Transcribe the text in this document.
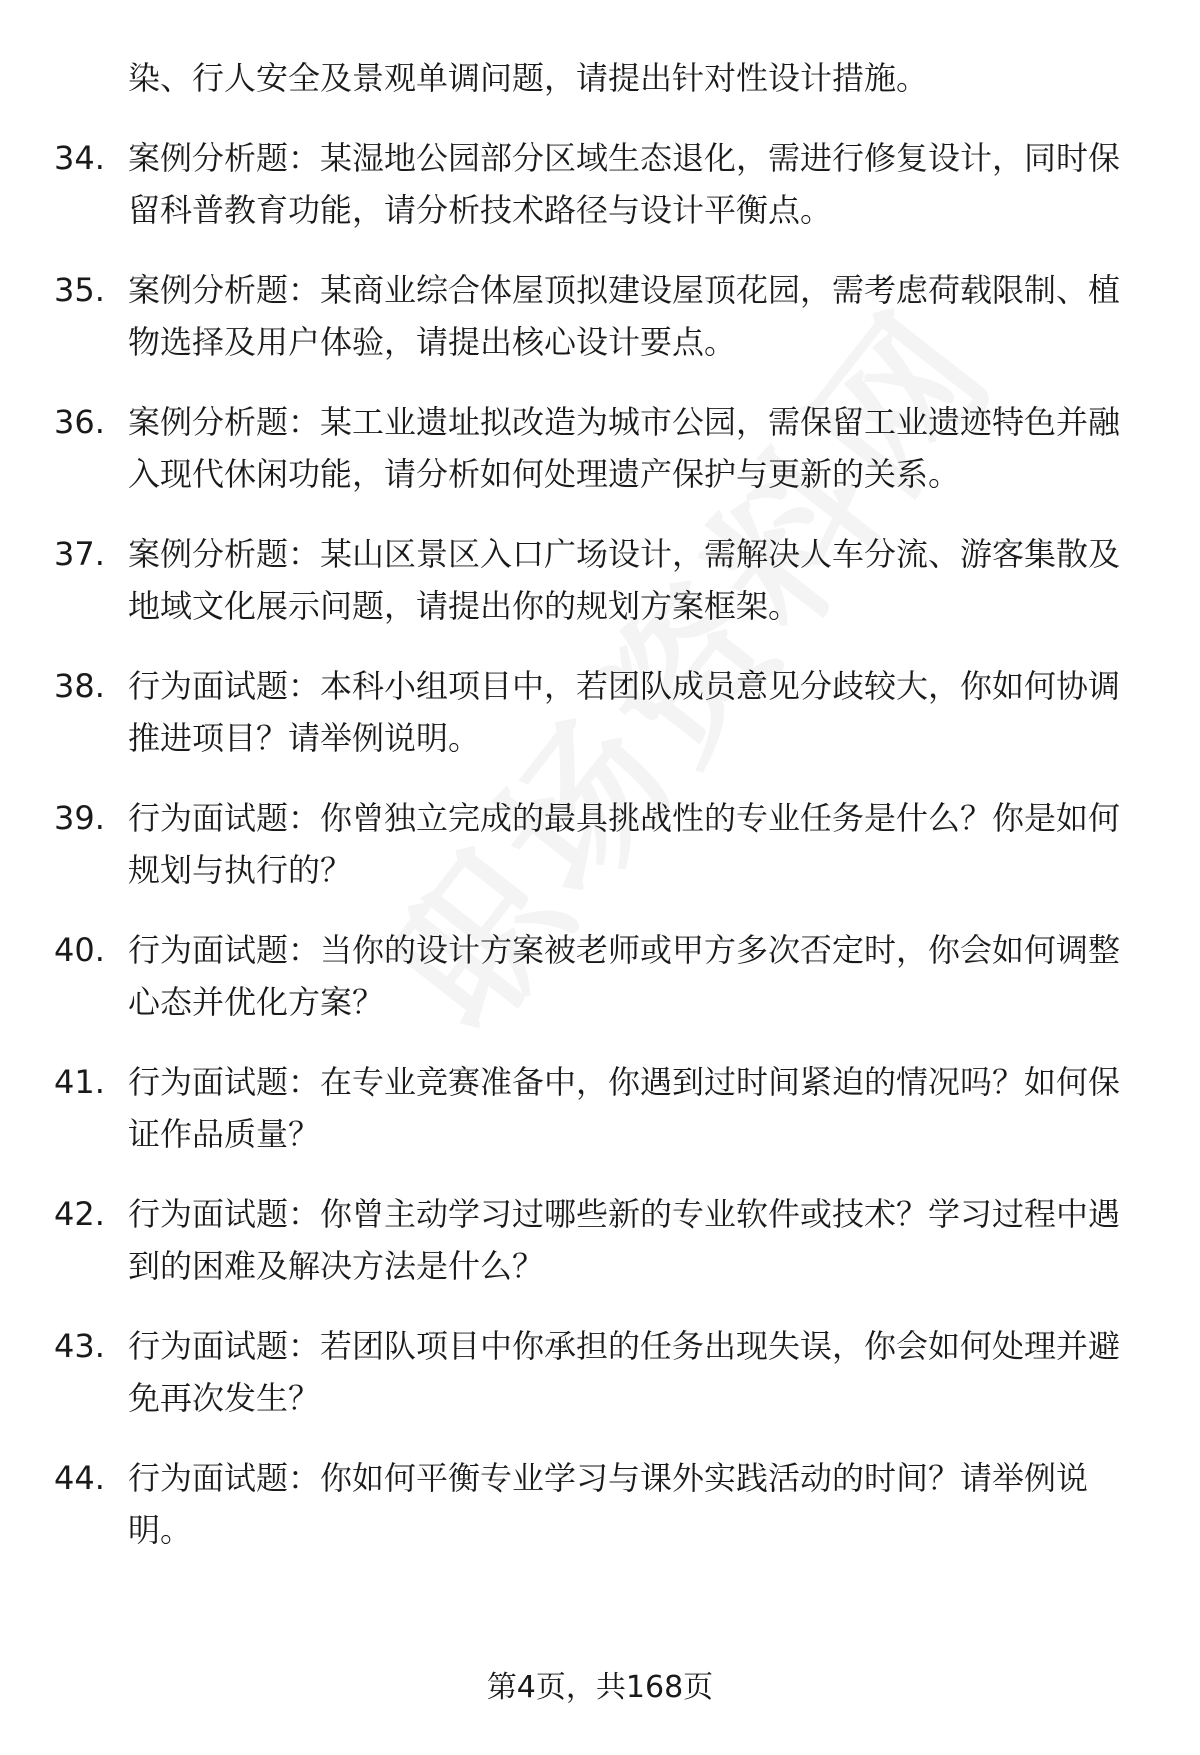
染、行人安全及景观单调问题，请提出针对性设计措施。
34. 案例分析题：某湿地公园部分区域生态退化，需进行修复设计，同时保留科普教育功能，请分析技术路径与设计平衡点。
35. 案例分析题：某商业综合体屋顶拟建设屋顶花园，需考虑荷载限制、植物选择及用户体验，请提出核心设计要点。
36. 案例分析题：某工业遗址拟改造为城市公园，需保留工业遗迹特色并融入现代休闲功能，请分析如何处理遗产保护与更新的关系。
37. 案例分析题：某山区景区入口广场设计，需解决人车分流、游客集散及地域文化展示问题，请提出你的规划方案框架。
38. 行为面试题：本科小组项目中，若团队成员意见分歧较大，你如何协调推进项目？请举例说明。
39. 行为面试题：你曾独立完成的最具挑战性的专业任务是什么？你是如何规划与执行的？
40. 行为面试题：当你的设计方案被老师或甲方多次否定时，你会如何调整心态并优化方案？
41. 行为面试题：在专业竞赛准备中，你遇到过时间紧迫的情况吗？如何保证作品质量？
42. 行为面试题：你曾主动学习过哪些新的专业软件或技术？学习过程中遇到的困难及解决方法是什么？
43. 行为面试题：若团队项目中你承担的任务出现失误，你会如何处理并避免再次发生？
44. 行为面试题：你如何平衡专业学习与课外实践活动的时间？请举例说明。
第4页，共168页
